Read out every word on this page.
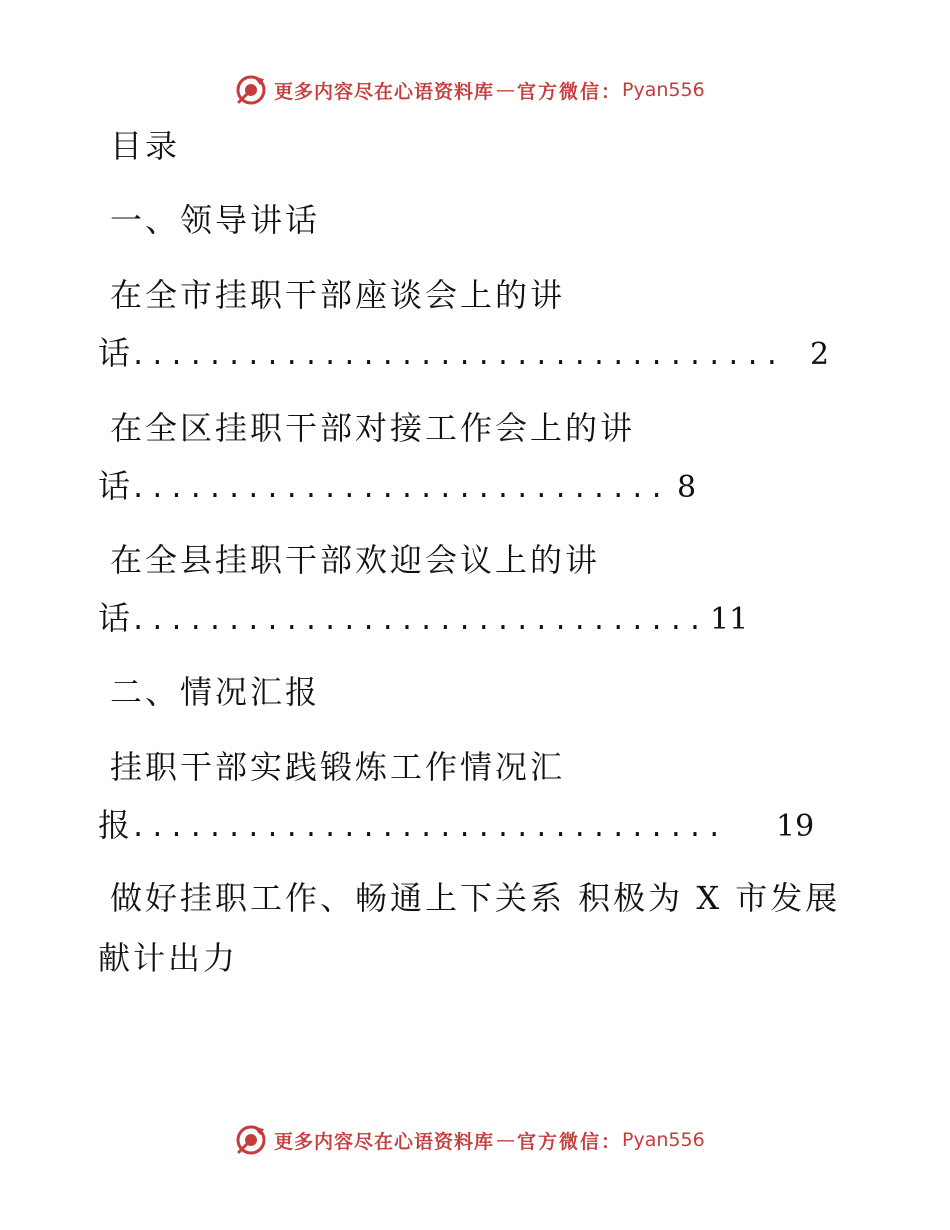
更多内容尽在心语资料库 — 官方微信： Pyan556
目录
一、领导讲话
在全市挂职干部座谈会上的讲
话 .................................. 2
在全区挂职干部对接工作会上的讲
话 ............................ 8
在全县挂职干部欢迎会议上的讲
话 .............................. 11
二、情况汇报
挂职干部实践锻炼工作情况汇
报 ...............................	19
做好挂职工作、畅通上下关系 积极为 X 市发展
献计出力
更多内容尽在心语资料库 — 官方微信： Pyan556
